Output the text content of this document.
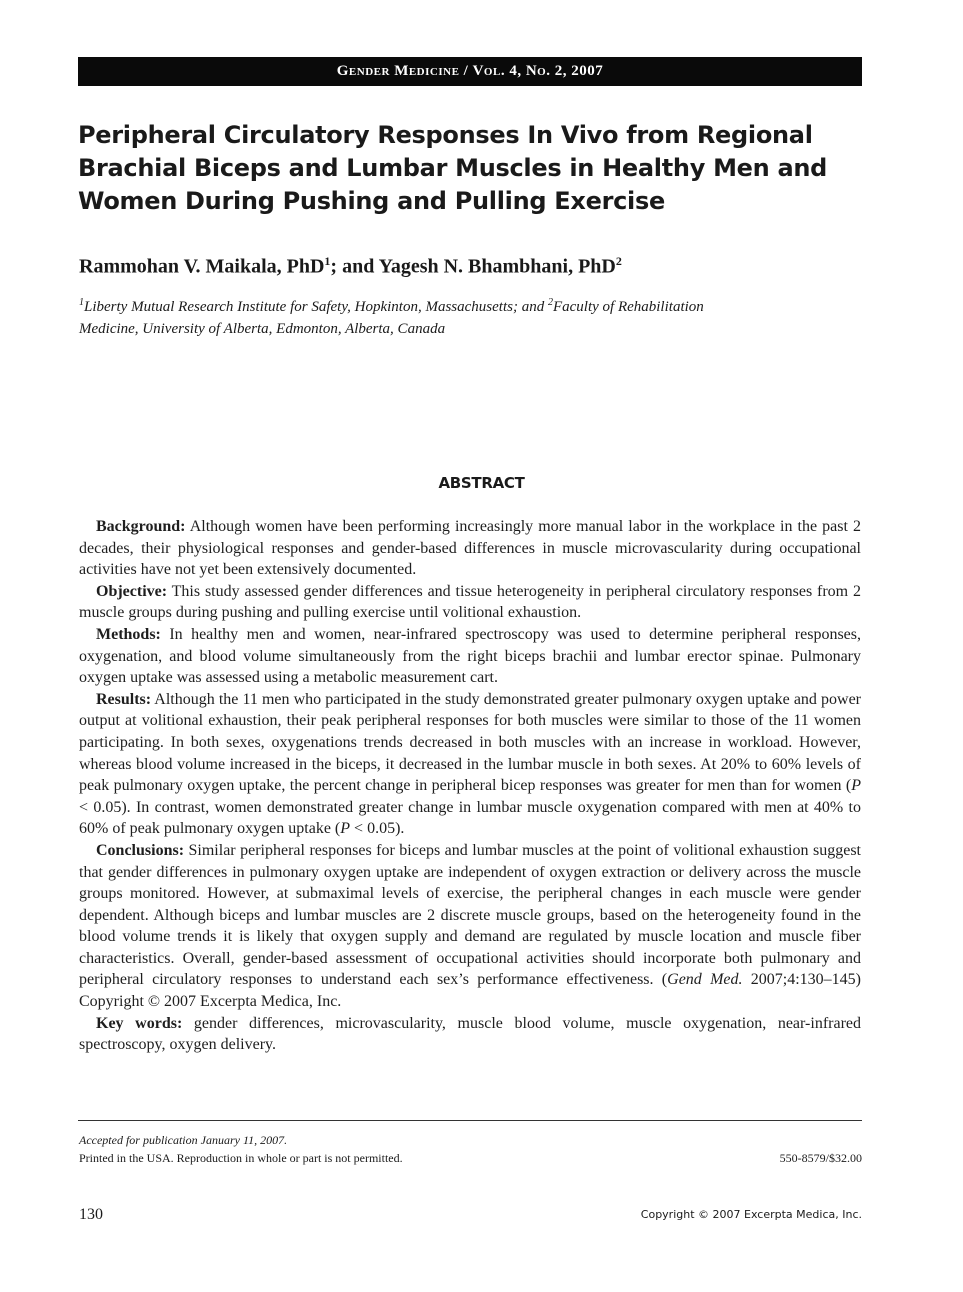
Gender Medicine / Vol. 4, No. 2, 2007
Peripheral Circulatory Responses In Vivo from Regional
Brachial Biceps and Lumbar Muscles in Healthy Men and
Women During Pushing and Pulling Exercise
Rammohan V. Maikala, PhD$^1$; and Yagesh N. Bhambhani, PhD$^2$
$^1$Liberty Mutual Research Institute for Safety, Hopkinton, Massachusetts; and $^2$Faculty of Rehabilitation
Medicine, University of Alberta, Edmonton, Alberta, Canada
ABSTRACT

Background: Although women have been performing increasingly more manual labor in the workplace in the past 2 decades, their physiological responses and gender-based differences in muscle microvascularity during occupational activities have not yet been extensively documented.

Objective: This study assessed gender differences and tissue heterogeneity in peripheral circulatory responses from 2 muscle groups during pushing and pulling exercise until volitional exhaustion.

Methods: In healthy men and women, near-infrared spectroscopy was used to determine peripheral responses, oxygenation, and blood volume simultaneously from the right biceps brachii and lumbar erector spinae. Pulmonary oxygen uptake was assessed using a metabolic measurement cart.

Results: Although the 11 men who participated in the study demonstrated greater pulmonary oxygen uptake and power output at volitional exhaustion, their peak peripheral responses for both muscles were similar to those of the 11 women participating. In both sexes, oxygenations trends decreased in both muscles with an increase in workload. However, whereas blood volume increased in the biceps, it decreased in the lumbar muscle in both sexes. At 20% to 60% levels of peak pulmonary oxygen uptake, the percent change in peripheral bicep responses was greater for men than for women (P < 0.05). In contrast, women demonstrated greater change in lumbar muscle oxygenation compared with men at 40% to 60% of peak pulmonary oxygen uptake (P < 0.05).

Conclusions: Similar peripheral responses for biceps and lumbar muscles at the point of volitional exhaustion suggest that gender differences in pulmonary oxygen uptake are independent of oxygen extraction or delivery across the muscle groups monitored. However, at submaximal levels of exercise, the peripheral changes in each muscle were gender dependent. Although biceps and lumbar muscles are 2 discrete muscle groups, based on the heterogeneity found in the blood volume trends it is likely that oxygen supply and demand are regulated by muscle location and muscle fiber characteristics. Overall, gender-based assessment of occupational activities should incorporate both pulmonary and peripheral circulatory responses to understand each sex’s performance effectiveness. (Gend Med. 2007;4:130–145) Copyright © 2007 Excerpta Medica, Inc.

Key words: gender differences, microvascularity, muscle blood volume, muscle oxygenation, near-infrared spectroscopy, oxygen delivery.

Accepted for publication January 11, 2007.
Printed in the USA. Reproduction in whole or part is not permitted.	550-8579/$32.00
130	Copyright © 2007 Excerpta Medica, Inc.
